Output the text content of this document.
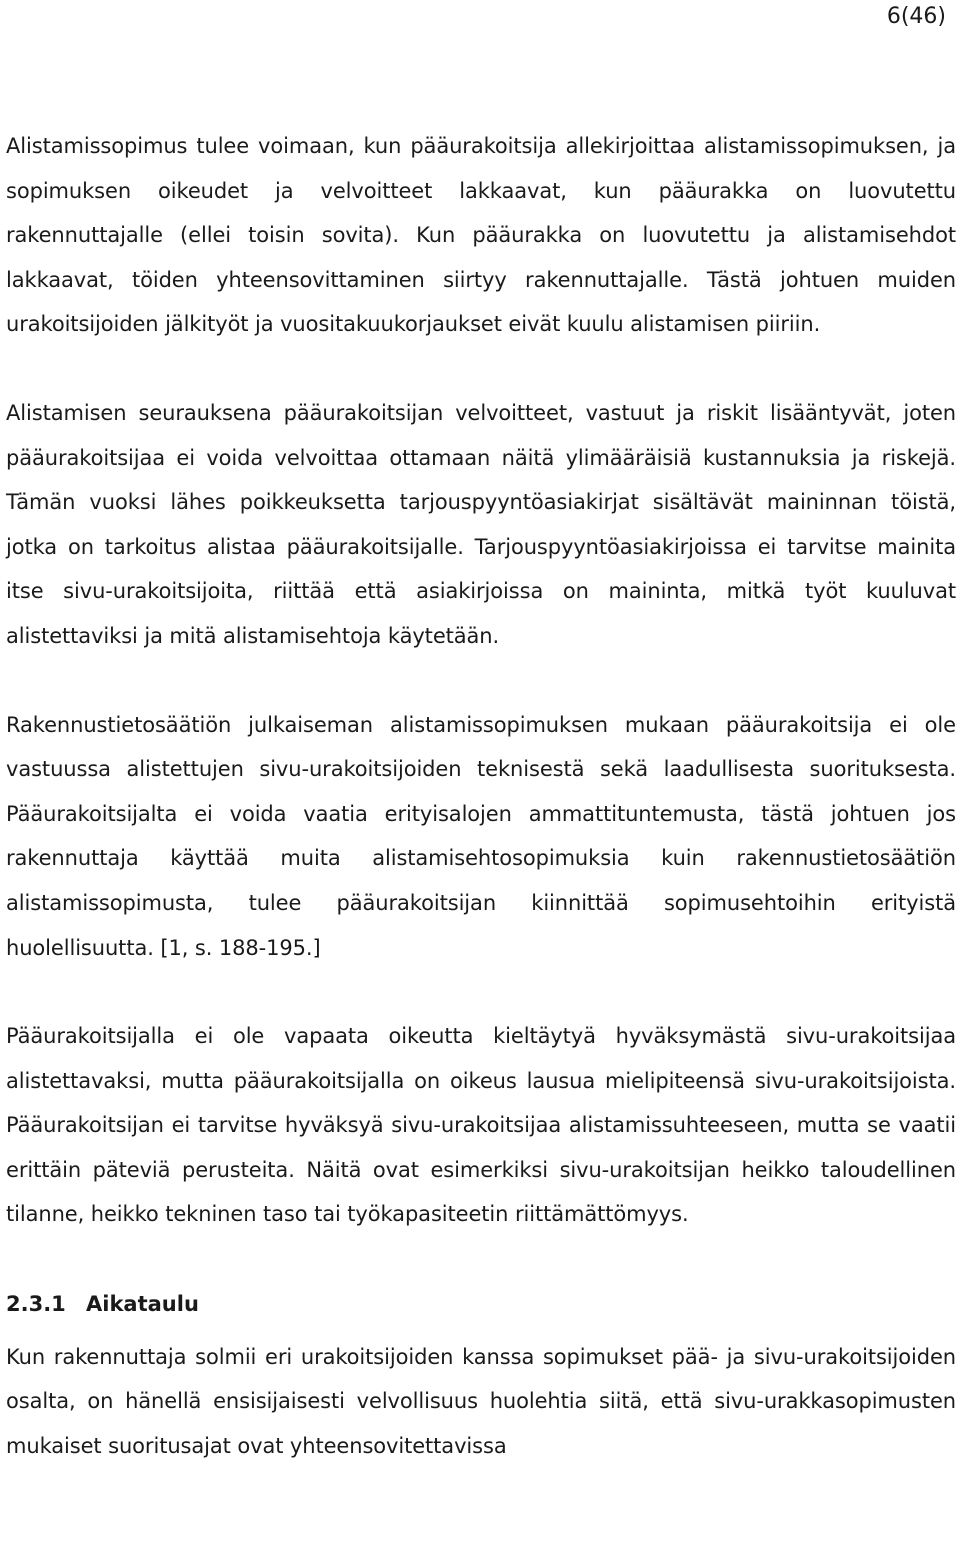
6(46)

Alistamissopimus tulee voimaan, kun pääurakoitsija allekirjoittaa alistamissopimuksen, ja sopimuksen oikeudet ja velvoitteet lakkaavat, kun pääurakka on luovutettu rakennuttajalle (ellei toisin sovita). Kun pääurakka on luovutettu ja alistamisehdot lakkaavat, töiden yhteensovittaminen siirtyy rakennuttajalle. Tästä johtuen muiden urakoitsijoiden jälkityöt ja vuositakuukorjaukset eivät kuulu alistamisen piiriin.

Alistamisen seurauksena pääurakoitsijan velvoitteet, vastuut ja riskit lisääntyvät, joten pääurakoitsijaa ei voida velvoittaa ottamaan näitä ylimääräisiä kustannuksia ja riskejä. Tämän vuoksi lähes poikkeuksetta tarjouspyyntöasiakirjat sisältävät maininnan töistä, jotka on tarkoitus alistaa pääurakoitsijalle. Tarjouspyyntöasiakirjoissa ei tarvitse mainita itse sivu-urakoitsijoita, riittää että asiakirjoissa on maininta, mitkä työt kuuluvat alistettaviksi ja mitä alistamisehtoja käytetään.

Rakennustietosäätiön julkaiseman alistamissopimuksen mukaan pääurakoitsija ei ole vastuussa alistettujen sivu-urakoitsijoiden teknisestä sekä laadullisesta suorituksesta. Pääurakoitsijalta ei voida vaatia erityisalojen ammattituntemusta, tästä johtuen jos rakennuttaja käyttää muita alistamisehtosopimuksia kuin rakennustietosäätiön alistamissopimusta, tulee pääurakoitsijan kiinnittää sopimusehtoihin erityistä huolellisuutta. [1, s. 188-195.]

Pääurakoitsijalla ei ole vapaata oikeutta kieltäytyä hyväksymästä sivu-urakoitsijaa alistettavaksi, mutta pääurakoitsijalla on oikeus lausua mielipiteensä sivu-urakoitsijoista. Pääurakoitsijan ei tarvitse hyväksyä sivu-urakoitsijaa alistamissuhteeseen, mutta se vaatii erittäin päteviä perusteita. Näitä ovat esimerkiksi sivu-urakoitsijan heikko taloudellinen tilanne, heikko tekninen taso tai työkapasiteetin riittämättömyys.

2.3.1 Aikataulu

Kun rakennuttaja solmii eri urakoitsijoiden kanssa sopimukset pää- ja sivu-urakoitsijoiden osalta, on hänellä ensisijaisesti velvollisuus huolehtia siitä, että sivu-urakkasopimusten mukaiset suoritusajat ovat yhteensovitettavissa
